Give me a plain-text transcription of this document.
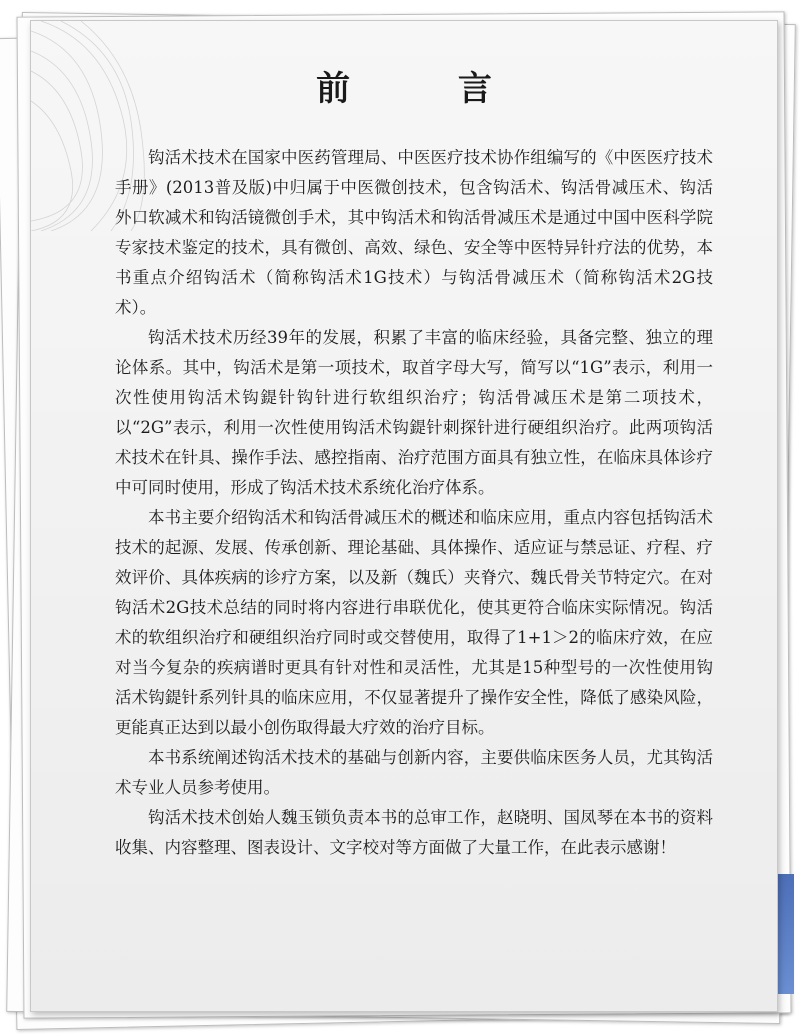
前 言

钩活术技术在国家中医药管理局、中医医疗技术协作组编写的《中医医疗技术手册》(2013普及版)中归属于中医微创技术，包含钩活术、钩活骨减压术、钩活外口软减术和钩活镜微创手术，其中钩活术和钩活骨减压术是通过中国中医科学院专家技术鉴定的技术，具有微创、高效、绿色、安全等中医特异针疗法的优势，本书重点介绍钩活术（简称钩活术1G技术）与钩活骨减压术（简称钩活术2G技术）。

钩活术技术历经39年的发展，积累了丰富的临床经验，具备完整、独立的理论体系。其中，钩活术是第一项技术，取首字母大写，简写以“1G”表示，利用一次性使用钩活术钩鍉针钩针进行软组织治疗；钩活骨减压术是第二项技术，以“2G”表示，利用一次性使用钩活术钩鍉针刺探针进行硬组织治疗。此两项钩活术技术在针具、操作手法、感控指南、治疗范围方面具有独立性，在临床具体诊疗中可同时使用，形成了钩活术技术系统化治疗体系。

本书主要介绍钩活术和钩活骨减压术的概述和临床应用，重点内容包括钩活术技术的起源、发展、传承创新、理论基础、具体操作、适应证与禁忌证、疗程、疗效评价、具体疾病的诊疗方案，以及新（魏氏）夹脊穴、魏氏骨关节特定穴。在对钩活术2G技术总结的同时将内容进行串联优化，使其更符合临床实际情况。钩活术的软组织治疗和硬组织治疗同时或交替使用，取得了1+1＞2的临床疗效，在应对当今复杂的疾病谱时更具有针对性和灵活性，尤其是15种型号的一次性使用钩活术钩鍉针系列针具的临床应用，不仅显著提升了操作安全性，降低了感染风险，更能真正达到以最小创伤取得最大疗效的治疗目标。

本书系统阐述钩活术技术的基础与创新内容，主要供临床医务人员，尤其钩活术专业人员参考使用。

钩活术技术创始人魏玉锁负责本书的总审工作，赵晓明、国凤琴在本书的资料收集、内容整理、图表设计、文字校对等方面做了大量工作，在此表示感谢！
